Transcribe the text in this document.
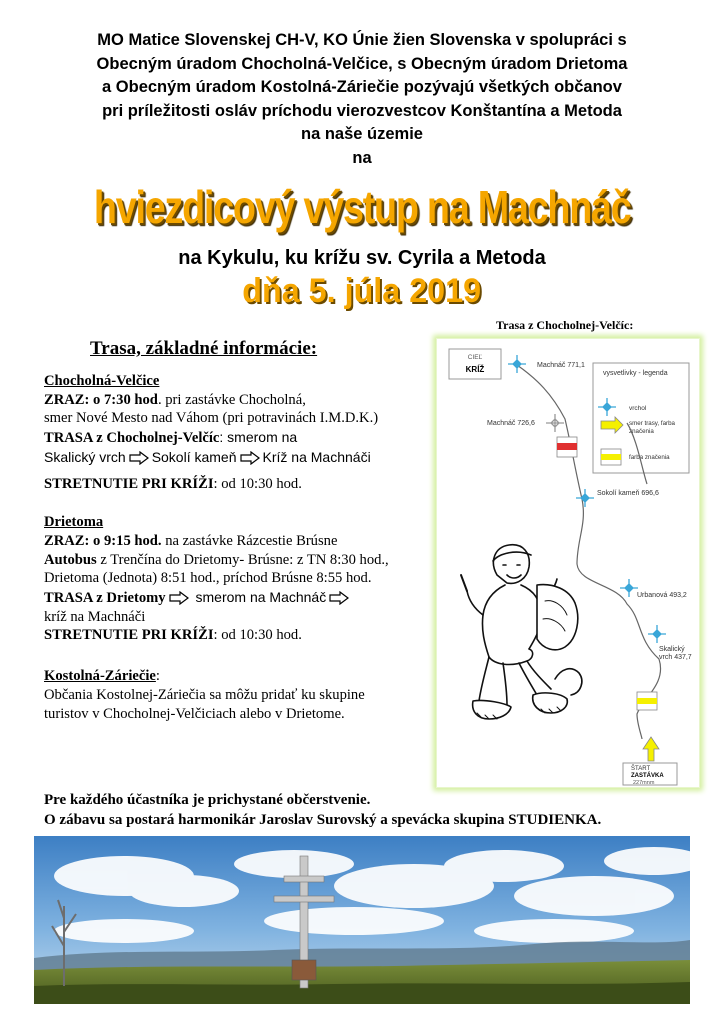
MO Matice Slovenskej CH-V, KO Únie žien Slovenska v spolupráci s
Obecným úradom Chocholná-Velčice, s Obecným úradom Drietoma
a Obecným úradom Kostolná-Záriečie pozývajú všetkých občanov
pri príležitosti osláv príchodu vierozvestcov Konštantína a Metoda
na naše územie
na
hviezdicový výstup na Machnáč
na Kykulu, ku krížu sv. Cyrila a Metoda
dňa 5. júla 2019
Trasa z Chocholnej-Velčíc:
Trasa, základné informácie:
Chocholná-Velčice
ZRAZ: o 7:30 hod. pri zastávke Chocholná,
smer Nové Mesto nad Váhom (pri potravinách I.M.D.K.)
TRASA z Chocholnej-Velčíc: smerom na
Skalický vrch Sokolí kameň Kríž na Machnáči
STRETNUTIE PRI KRÍŽI: od 10:30 hod.
Drietoma
ZRAZ: o 9:15 hod. na zastávke Rázcestie Brúsne
Autobus z Trenčína do Drietomy- Brúsne: z TN 8:30 hod.,
Drietoma (Jednota) 8:51 hod., príchod Brúsne 8:55 hod.
TRASA z Drietomy smerom na Machnáč
kríž na Machnáči
STRETNUTIE PRI KRÍŽI: od 10:30 hod.
Kostolná-Záriečie:
Občania Kostolnej-Záriečia sa môžu pridať ku skupine
turistov v Chocholnej-Velčiciach alebo v Drietome.
CIEĽ
KRÍŽ	vysvetlivky - legenda
vrchol
smer trasy, farba
značenia
farba značenia
Machnáč 771,1
Machnáč 726,6
Sokolí kameň 696,6
Urbanová 493,2
Skalický
vrch 437,7
ŠTART
ZASTÁVKA
227mnm
Pre každého účastníka je prichystané občerstvenie.
O zábavu sa postará harmonikár Jaroslav Surovský a spevácka skupina STUDIENKA.
